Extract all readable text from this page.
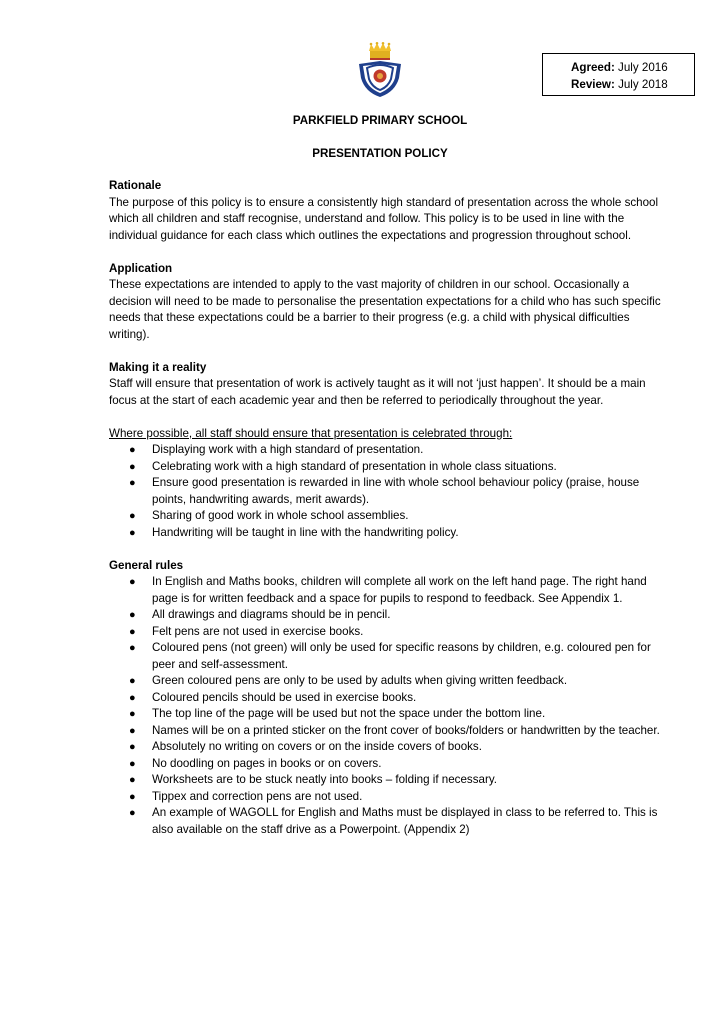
Agreed: July 2016
Review: July 2018
PARKFIELD PRIMARY SCHOOL
PRESENTATION POLICY
Rationale

The purpose of this policy is to ensure a consistently high standard of presentation across the whole school which all children and staff recognise, understand and follow. This policy is to be used in line with the individual guidance for each class which outlines the expectations and progression throughout school.

Application

These expectations are intended to apply to the vast majority of children in our school. Occasionally a decision will need to be made to personalise the presentation expectations for a child who has such specific needs that these expectations could be a barrier to their progress (e.g. a child with physical difficulties writing).

Making it a reality

Staff will ensure that presentation of work is actively taught as it will not ‘just happen’. It should be a main focus at the start of each academic year and then be referred to periodically throughout the year.

Where possible, all staff should ensure that presentation is celebrated through:
● Displaying work with a high standard of presentation.
● Celebrating work with a high standard of presentation in whole class situations.
● Ensure good presentation is rewarded in line with whole school behaviour policy (praise, house points, handwriting awards, merit awards).
● Sharing of good work in whole school assemblies.
● Handwriting will be taught in line with the handwriting policy.
General rules
● In English and Maths books, children will complete all work on the left hand page. The right hand page is for written feedback and a space for pupils to respond to feedback. See Appendix 1.
● All drawings and diagrams should be in pencil.
● Felt pens are not used in exercise books.
● Coloured pens (not green) will only be used for specific reasons by children, e.g. coloured pen for peer and self-assessment.
● Green coloured pens are only to be used by adults when giving written feedback.
● Coloured pencils should be used in exercise books.
● The top line of the page will be used but not the space under the bottom line.
● Names will be on a printed sticker on the front cover of books/folders or handwritten by the teacher.
● Absolutely no writing on covers or on the inside covers of books.
● No doodling on pages in books or on covers.
● Worksheets are to be stuck neatly into books – folding if necessary.
● Tippex and correction pens are not used.
● An example of WAGOLL for English and Maths must be displayed in class to be referred to. This is also available on the staff drive as a Powerpoint. (Appendix 2)
